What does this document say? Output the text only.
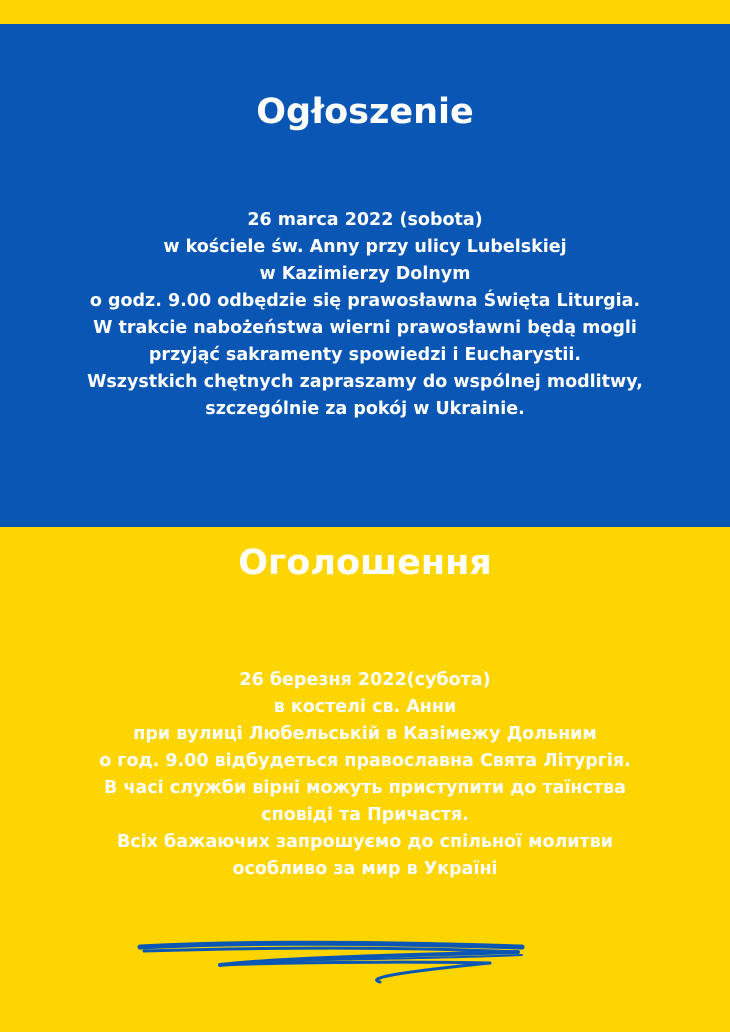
Ogłoszenie
26 marca 2022 (sobota)
w kościele św. Anny przy ulicy Lubelskiej
w Kazimierzy Dolnym
o godz. 9.00 odbędzie się prawosławna Święta Liturgia.
W trakcie nabożeństwa wierni prawosławni będą mogli
przyjąć sakramenty spowiedzi i Eucharystii.
Wszystkich chętnych zapraszamy do wspólnej modlitwy,
szczególnie za pokój w Ukrainie.
Оголошення
26 березня 2022(субота)
в костелі св. Анни
при вулиці Любельській в Казімежу Дольним
о год. 9.00 відбудеться православна Свята Літургія.
В часі служби вірні можуть приступити до таїнства
сповіді та Причастя.
Всіх бажаючих запрошуємо до спільної молитви
особливо за мир в Україні
